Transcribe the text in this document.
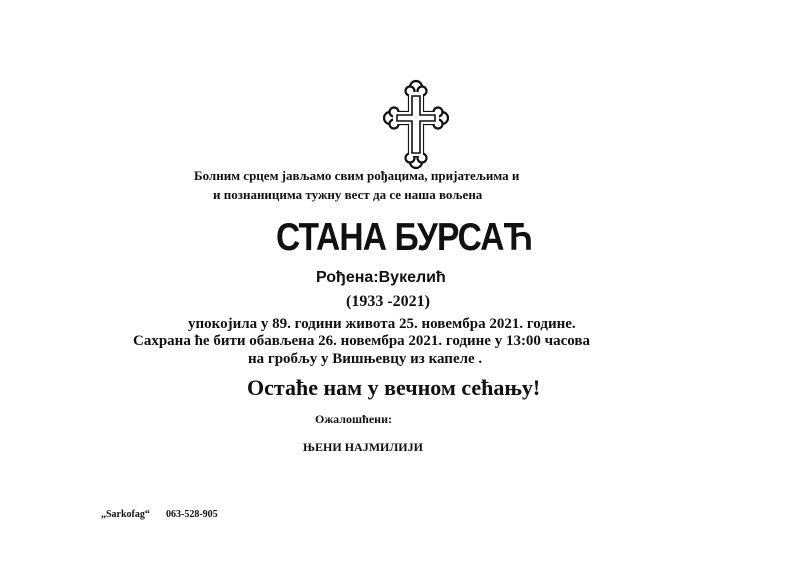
Болним срцем јављамо свим рођацима, пријатељима и
и познаницима тужну вест да се наша вољена
СТАНА БУРСАЋ
Рођена:Вукелић
(1933 -2021)
упокојила у 89. години живота 25. новембра 2021. године.
Сахрана ће бити обављена 26. новембра 2021. године у 13:00 часова
на гробљу у Вишњевцу из капеле .
Остаће нам у вечном сећању!
Ожалошћени:
ЊЕНИ НАЈМИЛИЈИ
„Sarkofag“ 063-528-905
